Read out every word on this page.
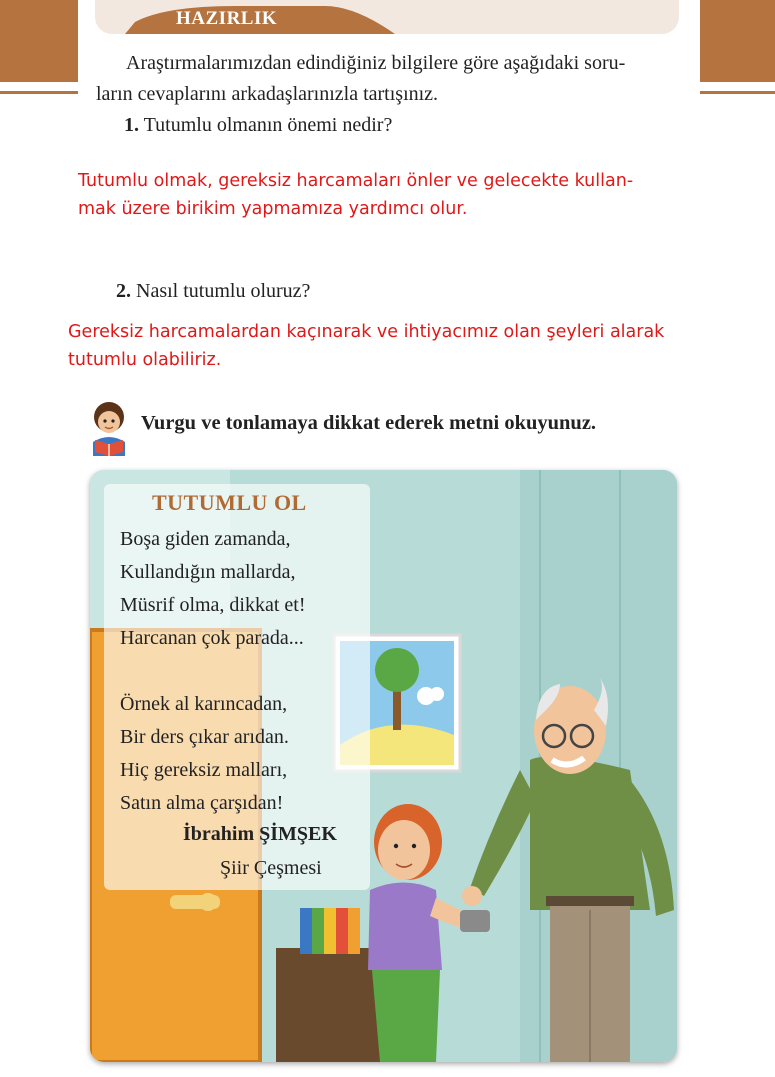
HAZIRLIK
Araştırmalarımızdan edindiğiniz bilgilere göre aşağıdaki soru-
ların cevaplarını arkadaşlarınızla tartışınız.
1. Tutumlu olmanın önemi nedir?
Tutumlu olmak, gereksiz harcamaları önler ve gelecekte kullan-
mak üzere birikim yapmamıza yardımcı olur.
2. Nasıl tutumlu oluruz?
Gereksiz harcamalardan kaçınarak ve ihtiyacımız olan şeyleri alarak
tutumlu olabiliriz.
Vurgu ve tonlamaya dikkat ederek metni okuyunuz.
TUTUMLU OL
Boşa giden zamanda,
Kullandığın mallarda,
Müsrif olma, dikkat et!
Harcanan çok parada...
Örnek al karıncadan,
Bir ders çıkar arıdan.
Hiç gereksiz malları,
Satın alma çarşıdan!
İbrahim ŞİMŞEK
Şiir Çeşmesi
